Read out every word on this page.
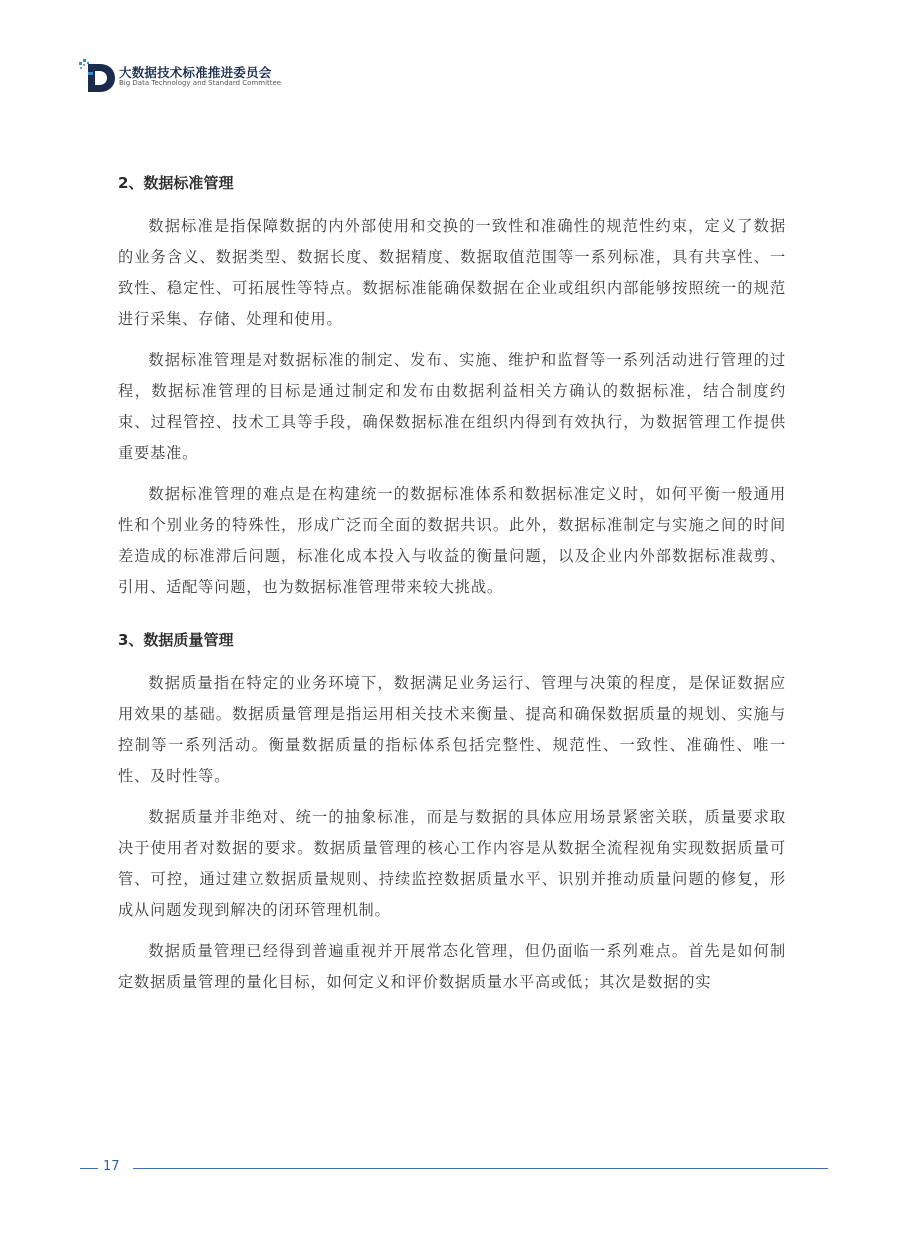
大数据技术标准推进委员会
Big Data Technology and Standard Committee
2、数据标准管理

数据标准是指保障数据的内外部使用和交换的一致性和准确性的规范性约束，定义了数据的业务含义、数据类型、数据长度、数据精度、数据取值范围等一系列标准，具有共享性、一致性、稳定性、可拓展性等特点。数据标准能确保数据在企业或组织内部能够按照统一的规范进行采集、存储、处理和使用。

数据标准管理是对数据标准的制定、发布、实施、维护和监督等一系列活动进行管理的过程，数据标准管理的目标是通过制定和发布由数据利益相关方确认的数据标准，结合制度约束、过程管控、技术工具等手段，确保数据标准在组织内得到有效执行，为数据管理工作提供重要基准。

数据标准管理的难点是在构建统一的数据标准体系和数据标准定义时，如何平衡一般通用性和个别业务的特殊性，形成广泛而全面的数据共识。此外，数据标准制定与实施之间的时间差造成的标准滞后问题，标准化成本投入与收益的衡量问题，以及企业内外部数据标准裁剪、引用、适配等问题，也为数据标准管理带来较大挑战。

3、数据质量管理

数据质量指在特定的业务环境下，数据满足业务运行、管理与决策的程度，是保证数据应用效果的基础。数据质量管理是指运用相关技术来衡量、提高和确保数据质量的规划、实施与控制等一系列活动。衡量数据质量的指标体系包括完整性、规范性、一致性、准确性、唯一性、及时性等。

数据质量并非绝对、统一的抽象标准，而是与数据的具体应用场景紧密关联，质量要求取决于使用者对数据的要求。数据质量管理的核心工作内容是从数据全流程视角实现数据质量可管、可控，通过建立数据质量规则、持续监控数据质量水平、识别并推动质量问题的修复，形成从问题发现到解决的闭环管理机制。

数据质量管理已经得到普遍重视并开展常态化管理，但仍面临一系列难点。首先是如何制定数据质量管理的量化目标，如何定义和评价数据质量水平高或低；其次是数据的实

17
